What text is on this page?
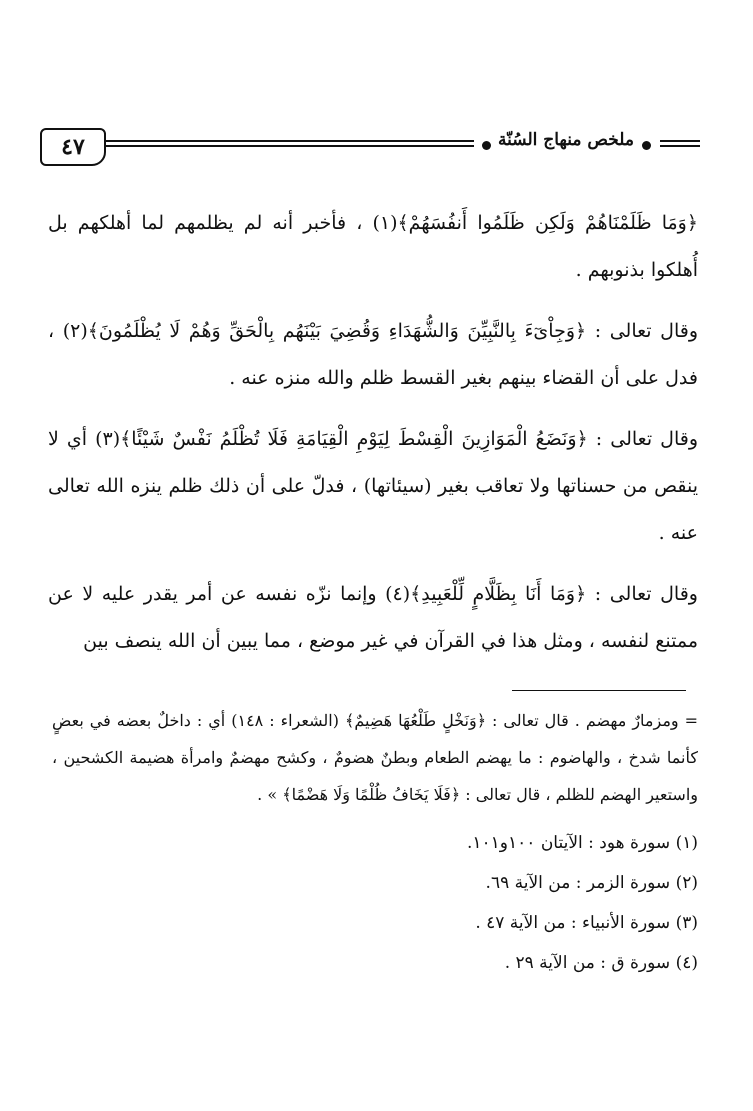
٤٧	ملخص منهاج السُنّة

﴿وَمَا ظَلَمْنَاهُمْ وَلَكِن ظَلَمُوا أَنفُسَهُمْ﴾(١) ، فأخبر أنه لم يظلمهم لما أهلكهم بل أُهلكوا بذنوبهم .

وقال تعالى : ﴿وَجِاْىٓءَ بِالنَّبِيِّنَ وَالشُّهَدَاءِ وَقُضِيَ بَيْنَهُم بِالْحَقِّ وَهُمْ لَا يُظْلَمُونَ﴾(٢) ، فدل على أن القضاء بينهم بغير القسط ظلم والله منزه عنه .

وقال تعالى : ﴿وَنَضَعُ الْمَوَازِينَ الْقِسْطَ لِيَوْمِ الْقِيَامَةِ فَلَا تُظْلَمُ نَفْسٌ شَيْئًا﴾(٣) أي لا ينقص من حسناتها ولا تعاقب بغير (سيئاتها) ، فدلّ على أن ذلك ظلم ينزه الله تعالى عنه .

وقال تعالى : ﴿وَمَا أَنَا بِظَلَّامٍ لِّلْعَبِيدِ﴾(٤) وإنما نزّه نفسه عن أمر يقدر عليه لا عن ممتنع لنفسه ، ومثل هذا في القرآن في غير موضع ، مما يبين أن الله ينصف بين

= ومزمارٌ مهضم . قال تعالى : ﴿وَنَخْلٍ طَلْعُهَا هَضِيمٌ﴾ (الشعراء : ١٤٨) أي : داخلٌ بعضه في بعضٍ كأنما شدخ ، والهاضوم : ما يهضم الطعام وبطنٌ هضومٌ ، وكشح مهضمٌ وامرأة هضيمة الكشحين ، واستعير الهضم للظلم ، قال تعالى : ﴿فَلَا يَخَافُ ظُلْمًا وَلَا هَضْمًا﴾ » .

(١) سورة هود : الآيتان ١٠٠و١٠١.
(٢) سورة الزمر : من الآية ٦٩.
(٣) سورة الأنبياء : من الآية ٤٧ .
(٤) سورة ق : من الآية ٢٩ .
